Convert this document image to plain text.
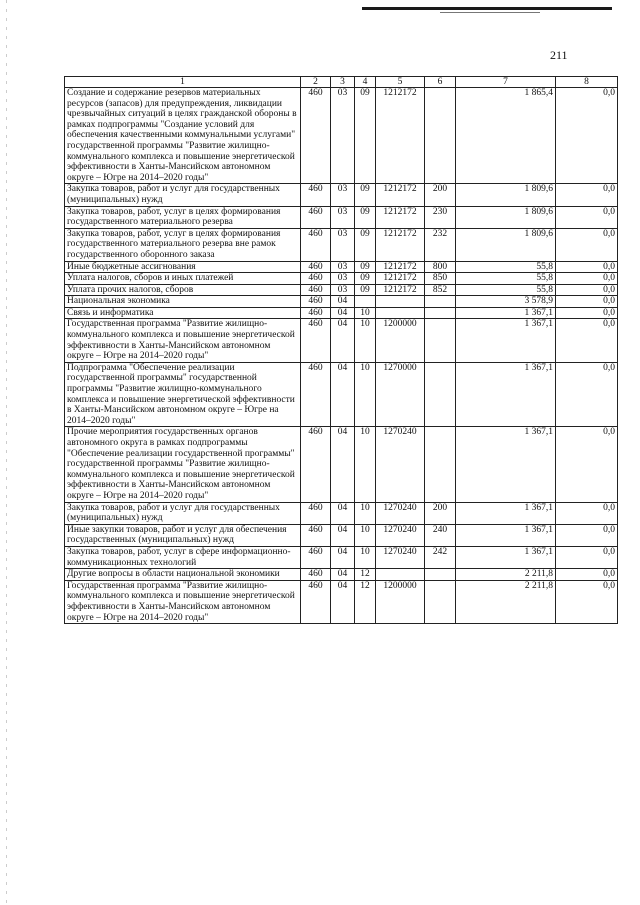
211
1	2	3	4	5	6	7	8
Создание и содержание резервов материальных ресурсов (запасов) для предупреждения, ликвидации чрезвычайных ситуаций в целях гражданской обороны в рамках подпрограммы "Создание условий для обеспечения качественными коммунальными услугами" государственной программы "Развитие жилищно-коммунального комплекса и повышение энергетической эффективности в Ханты-Мансийском автономном округе – Югре на 2014–2020 годы"	460	03	09	1212172		1 865,4	0,0
Закупка товаров, работ и услуг для государственных (муниципальных) нужд	460	03	09	1212172	200	1 809,6	0,0
Закупка товаров, работ, услуг в целях формирования государственного материального резерва	460	03	09	1212172	230	1 809,6	0,0
Закупка товаров, работ, услуг в целях формирования государственного материального резерва вне рамок государственного оборонного заказа	460	03	09	1212172	232	1 809,6	0,0
Иные бюджетные ассигнования	460	03	09	1212172	800	55,8	0,0
Уплата налогов, сборов и иных платежей	460	03	09	1212172	850	55,8	0,0
Уплата прочих налогов, сборов	460	03	09	1212172	852	55,8	0,0
Национальная экономика	460	04				3 578,9	0,0
Связь и информатика	460	04	10			1 367,1	0,0
Государственная программа "Развитие жилищно-коммунального комплекса и повышение энергетической эффективности в Ханты-Мансийском автономном округе – Югре на 2014–2020 годы"	460	04	10	1200000		1 367,1	0,0
Подпрограмма "Обеспечение реализации государственной программы" государственной программы "Развитие жилищно-коммунального комплекса и повышение энергетической эффективности в Ханты-Мансийском автономном округе – Югре на 2014–2020 годы"	460	04	10	1270000		1 367,1	0,0
Прочие мероприятия государственных органов автономного округа в рамках подпрограммы "Обеспечение реализации государственной программы" государственной программы "Развитие жилищно-коммунального комплекса и повышение энергетической эффективности в Ханты-Мансийском автономном округе – Югре на 2014–2020 годы"	460	04	10	1270240		1 367,1	0,0
Закупка товаров, работ и услуг для государственных (муниципальных) нужд	460	04	10	1270240	200	1 367,1	0,0
Иные закупки товаров, работ и услуг для обеспечения государственных (муниципальных) нужд	460	04	10	1270240	240	1 367,1	0,0
Закупка товаров, работ, услуг в сфере информационно-коммуникационных технологий	460	04	10	1270240	242	1 367,1	0,0
Другие вопросы в области национальной экономики	460	04	12			2 211,8	0,0
Государственная программа "Развитие жилищно-коммунального комплекса и повышение энергетической эффективности в Ханты-Мансийском автономном округе – Югре на 2014–2020 годы"	460	04	12	1200000		2 211,8	0,0
